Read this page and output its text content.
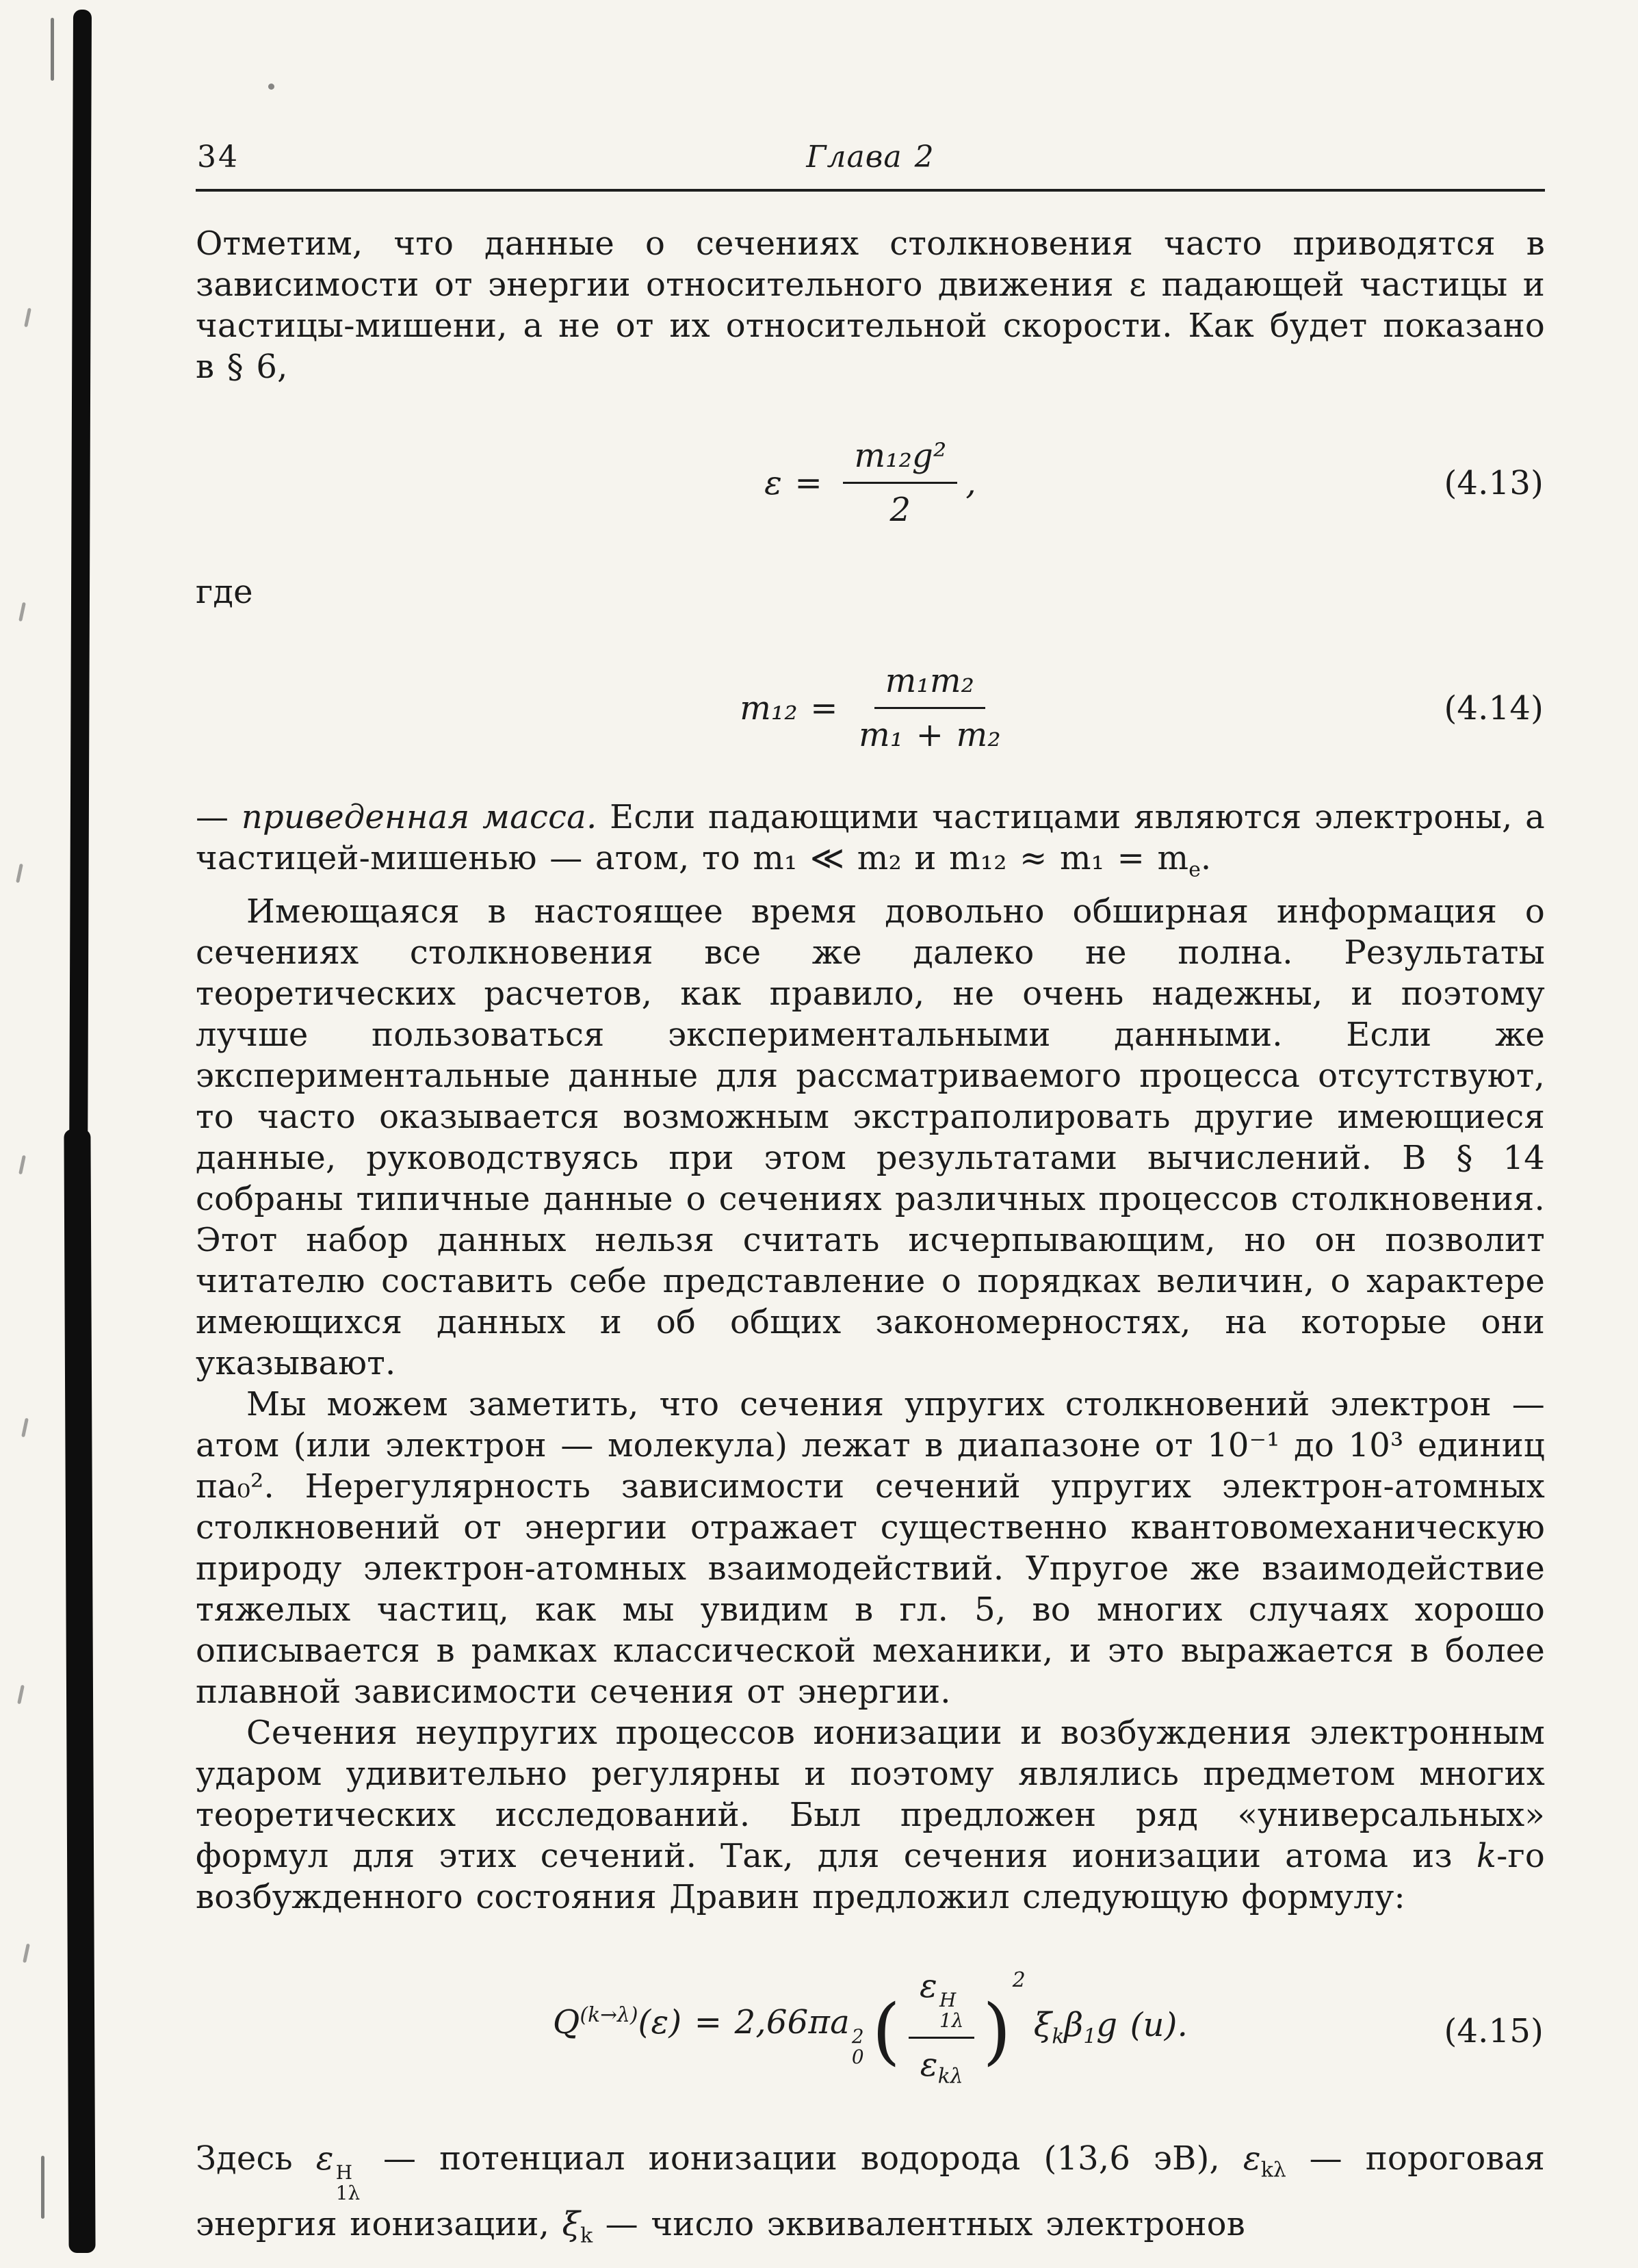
34	Глава 2

Отметим, что данные о сечениях столкновения часто приводятся в зависимости от энергии относительного движения ε падающей частицы и частицы-мишени, а не от их относительной скорости. Как будет показано в § 6,

$\varepsilon = \frac{\text{m₁₂g²}}{2}$ ,	(4.13)

где

$m_{12} = \frac{\text{m₁m₂}}{\text{m₁ + m₂}}$	(4.14)

— приведенная масса. Если падающими частицами являются электроны, а частицей-мишенью — атом, то m₁ ≪ m₂ и $m_{12} \approx m_1 = m_e$.

Имеющаяся в настоящее время довольно обширная информация о сечениях столкновения все же далеко не полна. Результаты теоретических расчетов, как правило, не очень надежны, и поэтому лучше пользоваться экспериментальными данными. Если же экспериментальные данные для рассматриваемого процесса отсутствуют, то часто оказывается возможным экстраполировать другие имеющиеся данные, руководствуясь при этом результатами вычислений. В § 14 собраны типичные данные о сечениях различных процессов столкновения. Этот набор данных нельзя считать исчерпывающим, но он позволит читателю составить себе представление о порядках величин, о характере имеющихся данных и об общих закономерностях, на которые они указывают.

Мы можем заметить, что сечения упругих столкновений электрон — атом (или электрон — молекула) лежат в диапазоне от 10⁻¹ до 10³ единиц πa₀². Нерегулярность зависимости сечений упругих электрон-атомных столкновений от энергии отражает существенно квантовомеханическую природу электрон-атомных взаимодействий. Упругое же взаимодействие тяжелых частиц, как мы увидим в гл. 5, во многих случаях хорошо описывается в рамках классической механики, и это выражается в более плавной зависимости сечения от энергии.

Сечения неупругих процессов ионизации и возбуждения электронным ударом удивительно регулярны и поэтому являлись предметом многих теоретических исследований. Был предложен ряд «универсальных» формул для этих сечений. Так, для сечения ионизации атома из k-го возбужденного состояния Дравин предложил следующую формулу:

$Q^{(k\to\lambda)}(\varepsilon) = 2,66\pi a$ 2
0 ( ε Н
1λ
$\varepsilon_{k\lambda}$ )
$^2$
$\xi_k\beta_1g$ (u).	(4.15)

Здесь ε Н
1λ
— потенциал ионизации водорода (13,6 эВ), $\varepsilon_{k\lambda}$ — пороговая энергия ионизации, $\xi_k$ — число эквивалентных электронов
